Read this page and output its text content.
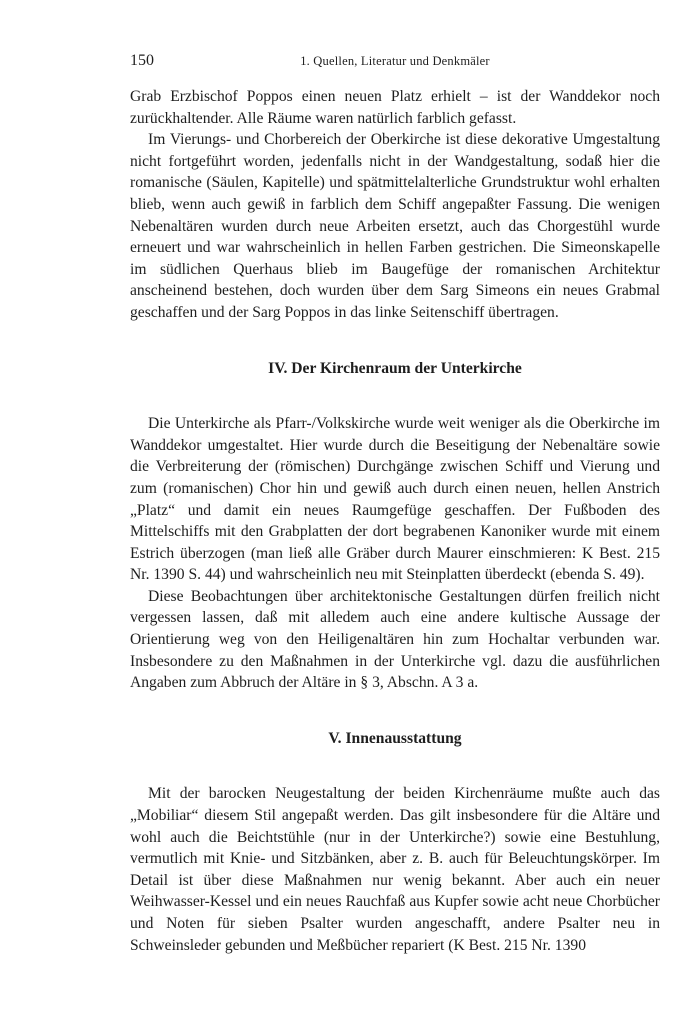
150	1. Quellen, Literatur und Denkmäler

Grab Erzbischof Poppos einen neuen Platz erhielt – ist der Wanddekor noch zurückhaltender. Alle Räume waren natürlich farblich gefasst.

Im Vierungs- und Chorbereich der Oberkirche ist diese dekorative Umgestaltung nicht fortgeführt worden, jedenfalls nicht in der Wandgestaltung, sodaß hier die romanische (Säulen, Kapitelle) und spätmittelalterliche Grundstruktur wohl erhalten blieb, wenn auch gewiß in farblich dem Schiff angepaßter Fassung. Die wenigen Nebenaltären wurden durch neue Arbeiten ersetzt, auch das Chorgestühl wurde erneuert und war wahrscheinlich in hellen Farben gestrichen. Die Simeonskapelle im südlichen Querhaus blieb im Baugefüge der romanischen Architektur anscheinend bestehen, doch wurden über dem Sarg Simeons ein neues Grabmal geschaffen und der Sarg Poppos in das linke Seitenschiff übertragen.

IV. Der Kirchenraum der Unterkirche

Die Unterkirche als Pfarr-/Volkskirche wurde weit weniger als die Oberkirche im Wanddekor umgestaltet. Hier wurde durch die Beseitigung der Nebenaltäre sowie die Verbreiterung der (römischen) Durchgänge zwischen Schiff und Vierung und zum (romanischen) Chor hin und gewiß auch durch einen neuen, hellen Anstrich „Platz“ und damit ein neues Raumgefüge geschaffen. Der Fußboden des Mittelschiffs mit den Grabplatten der dort begrabenen Kanoniker wurde mit einem Estrich überzogen (man ließ alle Gräber durch Maurer einschmieren: K Best. 215 Nr. 1390 S. 44) und wahrscheinlich neu mit Steinplatten überdeckt (ebenda S. 49).

Diese Beobachtungen über architektonische Gestaltungen dürfen freilich nicht vergessen lassen, daß mit alledem auch eine andere kultische Aussage der Orientierung weg von den Heiligenaltären hin zum Hochaltar verbunden war. Insbesondere zu den Maßnahmen in der Unterkirche vgl. dazu die ausführlichen Angaben zum Abbruch der Altäre in § 3, Abschn. A 3 a.

V. Innenausstattung

Mit der barocken Neugestaltung der beiden Kirchenräume mußte auch das „Mobiliar“ diesem Stil angepaßt werden. Das gilt insbesondere für die Altäre und wohl auch die Beichtstühle (nur in der Unterkirche?) sowie eine Bestuhlung, vermutlich mit Knie- und Sitzbänken, aber z. B. auch für Beleuchtungskörper. Im Detail ist über diese Maßnahmen nur wenig bekannt. Aber auch ein neuer Weihwasser-Kessel und ein neues Rauchfaß aus Kupfer sowie acht neue Chorbücher und Noten für sieben Psalter wurden angeschafft, andere Psalter neu in Schweinsleder gebunden und Meßbücher repariert (K Best. 215 Nr. 1390
